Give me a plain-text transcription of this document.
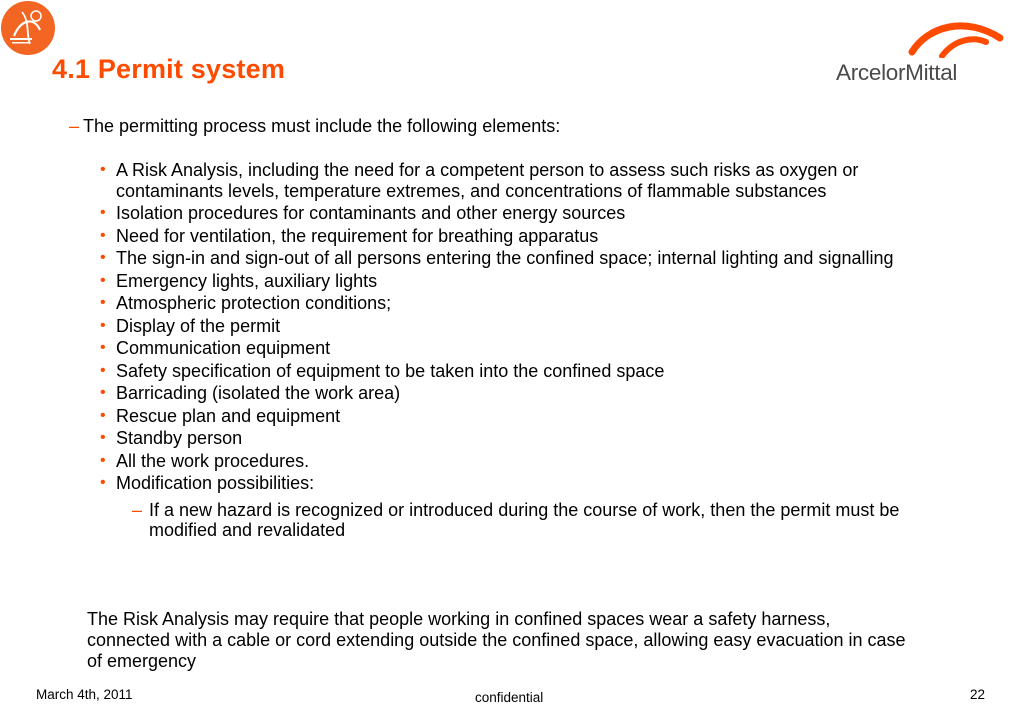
4.1 Permit system	ArcelorMittal
– The permitting process must include the following elements:
• A Risk Analysis, including the need for a competent person to assess such risks as oxygen or contaminants levels, temperature extremes, and concentrations of flammable substances
• Isolation procedures for contaminants and other energy sources
• Need for ventilation, the requirement for breathing apparatus
• The sign-in and sign-out of all persons entering the confined space; internal lighting and signalling
• Emergency lights, auxiliary lights
• Atmospheric protection conditions;
• Display of the permit
• Communication equipment
• Safety specification of equipment to be taken into the confined space
• Barricading (isolated the work area)
• Rescue plan and equipment
• Standby person
• All the work procedures.
• Modification possibilities:
– If a new hazard is recognized or introduced during the course of work, then the permit must be modified and revalidated

The Risk Analysis may require that people working in confined spaces wear a safety harness, connected with a cable or cord extending outside the confined space, allowing easy evacuation in case of emergency

March 4th, 2011	confidential	22
